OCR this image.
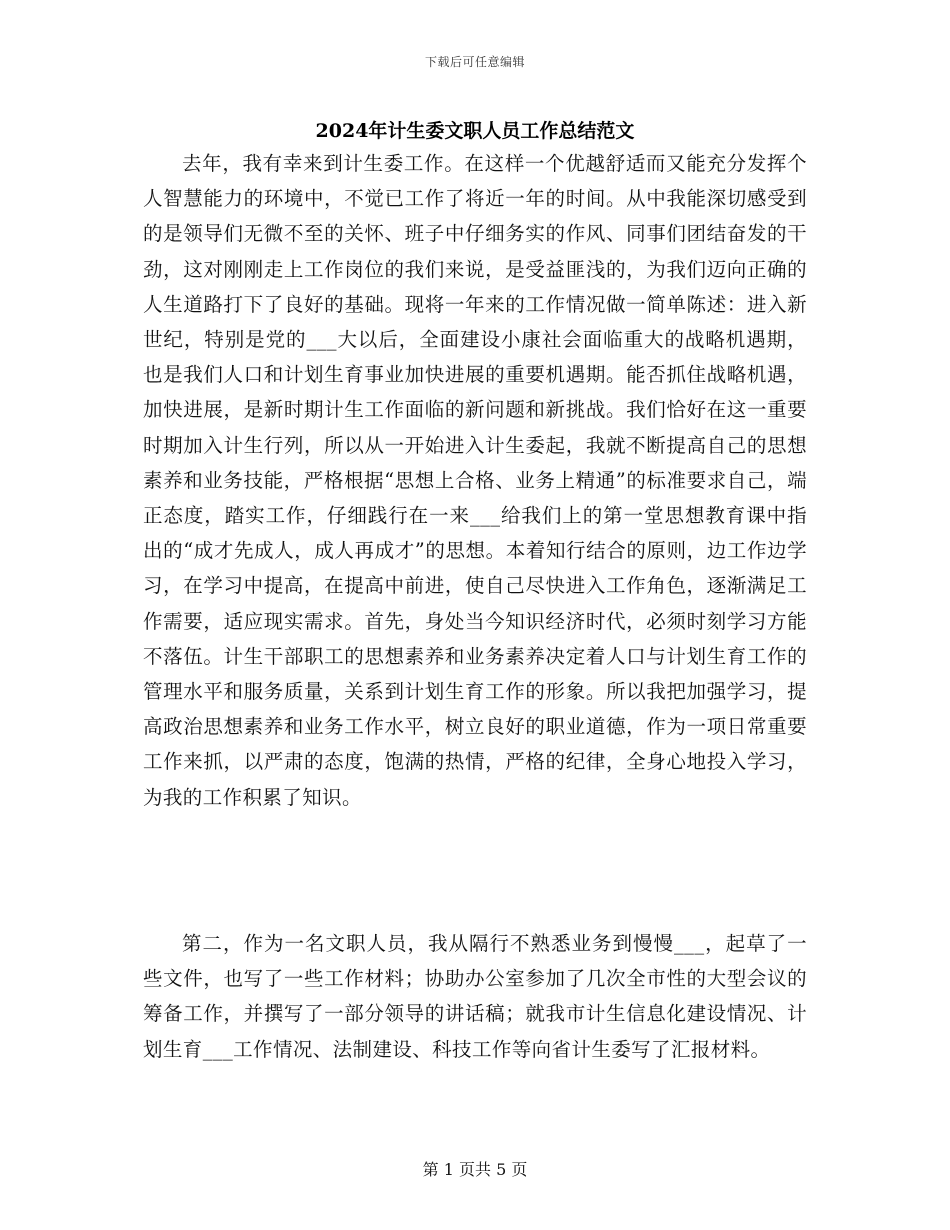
下载后可任意编辑
2024年计生委文职人员工作总结范文

去年，我有幸来到计生委工作。在这样一个优越舒适而又能充分发挥个人智慧能力的环境中，不觉已工作了将近一年的时间。从中我能深切感受到的是领导们无微不至的关怀、班子中仔细务实的作风、同事们团结奋发的干劲，这对刚刚走上工作岗位的我们来说，是受益匪浅的，为我们迈向正确的人生道路打下了良好的基础。现将一年来的工作情况做一简单陈述：进入新世纪，特别是党的___大以后，全面建设小康社会面临重大的战略机遇期，也是我们人口和计划生育事业加快进展的重要机遇期。能否抓住战略机遇，加快进展，是新时期计生工作面临的新问题和新挑战。我们恰好在这一重要时期加入计生行列，所以从一开始进入计生委起，我就不断提高自己的思想素养和业务技能，严格根据“思想上合格、业务上精通”的标准要求自己，端正态度，踏实工作，仔细践行在一来___给我们上的第一堂思想教育课中指出的“成才先成人，成人再成才”的思想。本着知行结合的原则，边工作边学习，在学习中提高，在提高中前进，使自己尽快进入工作角色，逐渐满足工作需要，适应现实需求。首先，身处当今知识经济时代，必须时刻学习方能不落伍。计生干部职工的思想素养和业务素养决定着人口与计划生育工作的管理水平和服务质量，关系到计划生育工作的形象。所以我把加强学习，提高政治思想素养和业务工作水平，树立良好的职业道德，作为一项日常重要工作来抓，以严肃的态度，饱满的热情，严格的纪律，全身心地投入学习，为我的工作积累了知识。

第二，作为一名文职人员，我从隔行不熟悉业务到慢慢___，起草了一些文件，也写了一些工作材料；协助办公室参加了几次全市性的大型会议的筹备工作，并撰写了一部分领导的讲话稿；就我市计生信息化建设情况、计划生育___工作情况、法制建设、科技工作等向省计生委写了汇报材料。

第 1 页共 5 页
